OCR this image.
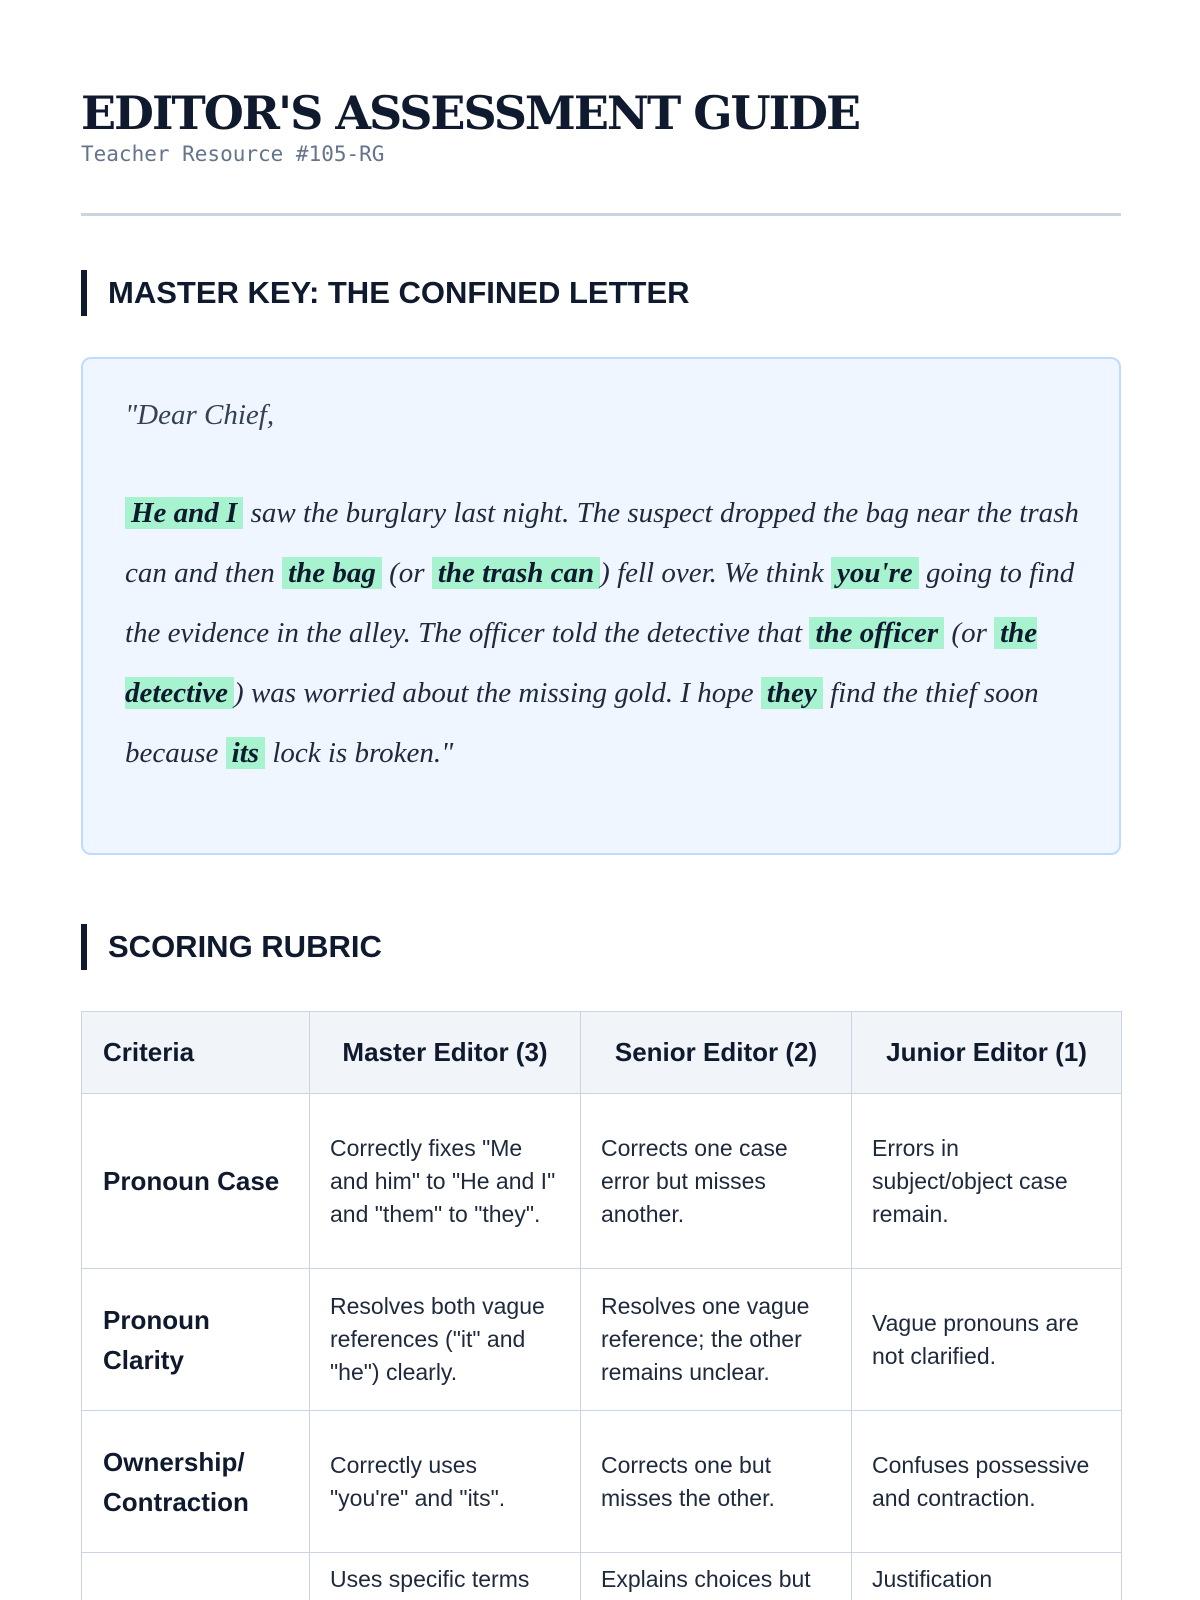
EDITOR'S ASSESSMENT GUIDE
Teacher Resource #105-RG
MASTER KEY: THE CONFINED LETTER

"Dear Chief,

He and I saw the burglary last night. The suspect dropped the bag near the trash can and then the bag (or the trash can ) fell over. We think you're going to find the evidence in the alley. The officer told the detective that the officer (or the detective ) was worried about the missing gold. I hope they find the thief soon because its lock is broken."

SCORING RUBRIC
Criteria	Master Editor (3)	Senior Editor (2)	Junior Editor (1)
Pronoun Case	Correctly fixes "Me and him" to "He and I" and "them" to "they".	Corrects one case error but misses another.	Errors in subject/object case remain.
Pronoun Clarity	Resolves both vague references ("it" and "he") clearly.	Resolves one vague reference; the other remains unclear.	Vague pronouns are not clarified.
Ownership/ Contraction	Correctly uses "you're" and "its".	Corrects one but misses the other.	Confuses possessive and contraction.
	Uses specific terms	Explains choices but	Justification
